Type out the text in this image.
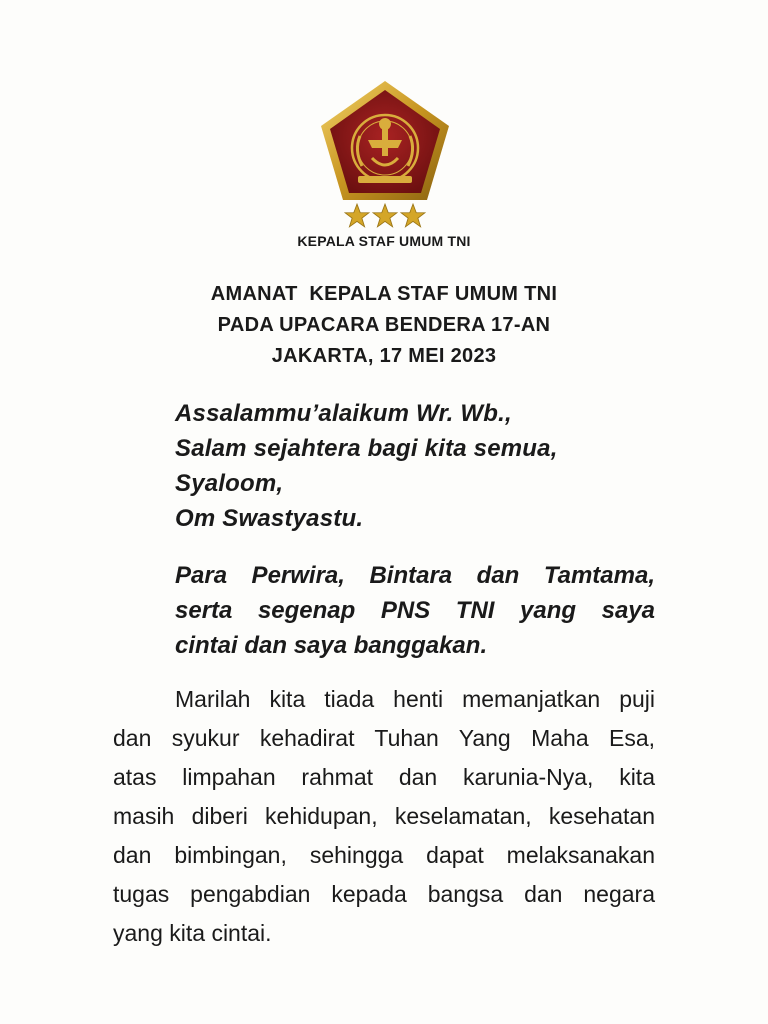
KEPALA STAF UMUM TNI
AMANAT  KEPALA STAF UMUM TNI
PADA UPACARA BENDERA 17-AN
JAKARTA, 17 MEI 2023
Assalammu’alaikum Wr. Wb.,
Salam sejahtera bagi kita semua,
Syaloom,
Om Swastyastu.
Para Perwira, Bintara dan Tamtama,
serta segenap PNS TNI yang saya
cintai dan saya banggakan.
Marilah kita tiada henti memanjatkan puji
dan syukur kehadirat Tuhan Yang Maha Esa,
atas limpahan rahmat dan karunia-Nya, kita
masih diberi kehidupan, keselamatan, kesehatan
dan bimbingan, sehingga dapat melaksanakan
tugas pengabdian kepada bangsa dan negara
yang kita cintai.
